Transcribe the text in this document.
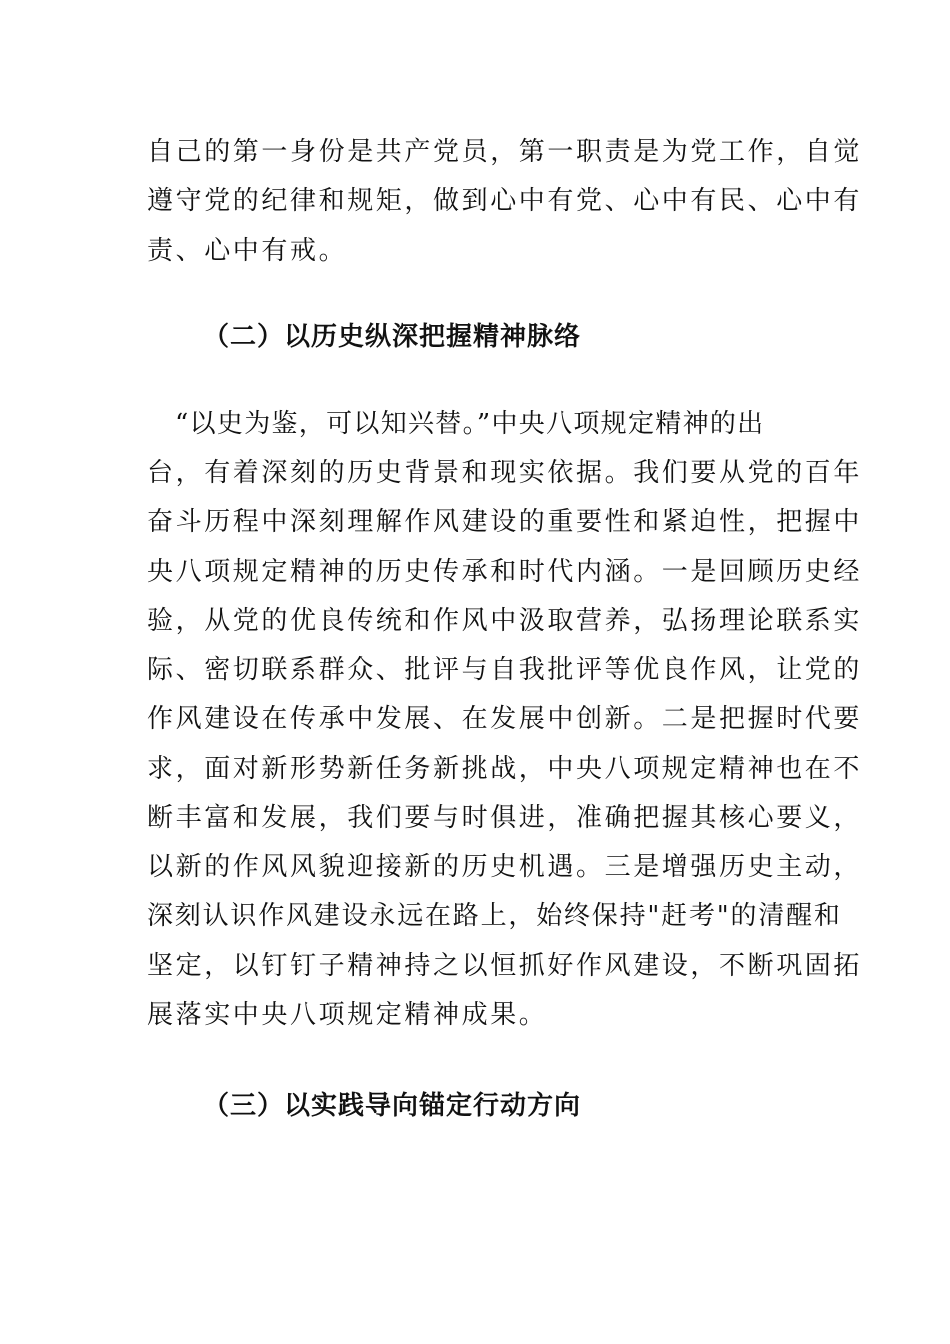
自己的第一身份是共产党员，第一职责是为党工作，自觉
遵守党的纪律和规矩，做到心中有党、心中有民、心中有
责、心中有戒。
（二）以历史纵深把握精神脉络
“以史为鉴，可以知兴替。”中央八项规定精神的出
台，有着深刻的历史背景和现实依据。我们要从党的百年
奋斗历程中深刻理解作风建设的重要性和紧迫性，把握中
央八项规定精神的历史传承和时代内涵。一是回顾历史经
验，从党的优良传统和作风中汲取营养，弘扬理论联系实
际、密切联系群众、批评与自我批评等优良作风，让党的
作风建设在传承中发展、在发展中创新。二是把握时代要
求，面对新形势新任务新挑战，中央八项规定精神也在不
断丰富和发展，我们要与时俱进，准确把握其核心要义，
以新的作风风貌迎接新的历史机遇。三是增强历史主动，
深刻认识作风建设永远在路上，始终保持"赶考"的清醒和
坚定，以钉钉子精神持之以恒抓好作风建设，不断巩固拓
展落实中央八项规定精神成果。
（三）以实践导向锚定行动方向
